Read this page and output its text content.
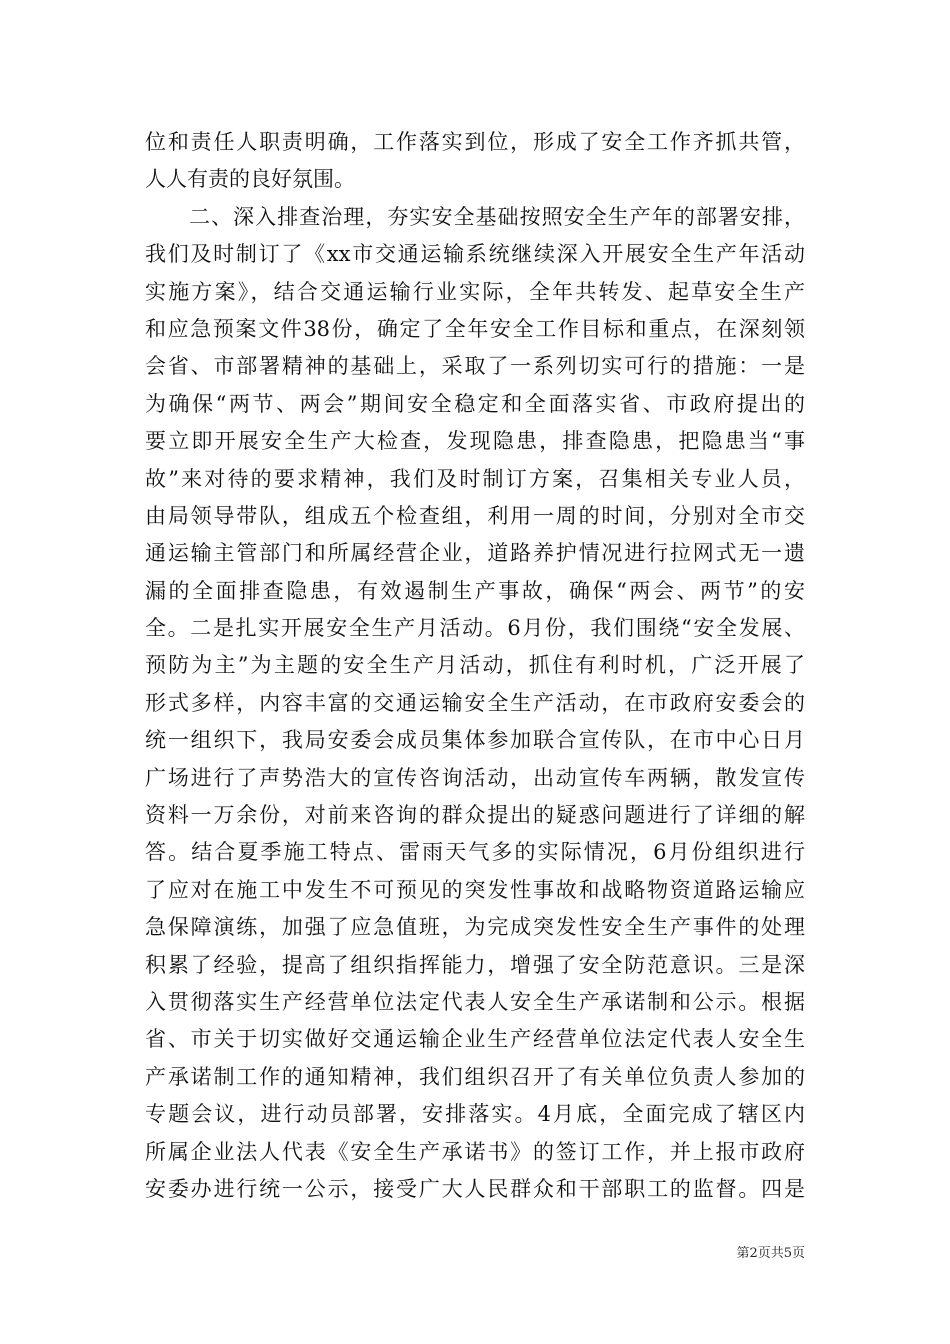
位和责任人职责明确，工作落实到位，形成了安全工作齐抓共管，
人人有责的良好氛围。
　　二、深入排查治理，夯实安全基础按照安全生产年的部署安排，
我们及时制订了《xx市交通运输系统继续深入开展安全生产年活动
实施方案》，结合交通运输行业实际，全年共转发、起草安全生产
和应急预案文件38份，确定了全年安全工作目标和重点，在深刻领
会省、市部署精神的基础上，采取了一系列切实可行的措施：一是
为确保“两节、两会”期间安全稳定和全面落实省、市政府提出的
要立即开展安全生产大检查，发现隐患，排查隐患，把隐患当“事
故”来对待的要求精神，我们及时制订方案，召集相关专业人员，
由局领导带队，组成五个检查组，利用一周的时间，分别对全市交
通运输主管部门和所属经营企业，道路养护情况进行拉网式无一遗
漏的全面排查隐患，有效遏制生产事故，确保“两会、两节”的安
全。二是扎实开展安全生产月活动。6月份，我们围绕“安全发展、
预防为主”为主题的安全生产月活动，抓住有利时机，广泛开展了
形式多样，内容丰富的交通运输安全生产活动，在市政府安委会的
统一组织下，我局安委会成员集体参加联合宣传队，在市中心日月
广场进行了声势浩大的宣传咨询活动，出动宣传车两辆，散发宣传
资料一万余份，对前来咨询的群众提出的疑惑问题进行了详细的解
答。结合夏季施工特点、雷雨天气多的实际情况，6月份组织进行
了应对在施工中发生不可预见的突发性事故和战略物资道路运输应
急保障演练，加强了应急值班，为完成突发性安全生产事件的处理
积累了经验，提高了组织指挥能力，增强了安全防范意识。三是深
入贯彻落实生产经营单位法定代表人安全生产承诺制和公示。根据
省、市关于切实做好交通运输企业生产经营单位法定代表人安全生
产承诺制工作的通知精神，我们组织召开了有关单位负责人参加的
专题会议，进行动员部署，安排落实。4月底，全面完成了辖区内
所属企业法人代表《安全生产承诺书》的签订工作，并上报市政府
安委办进行统一公示，接受广大人民群众和干部职工的监督。四是
第2页共5页
